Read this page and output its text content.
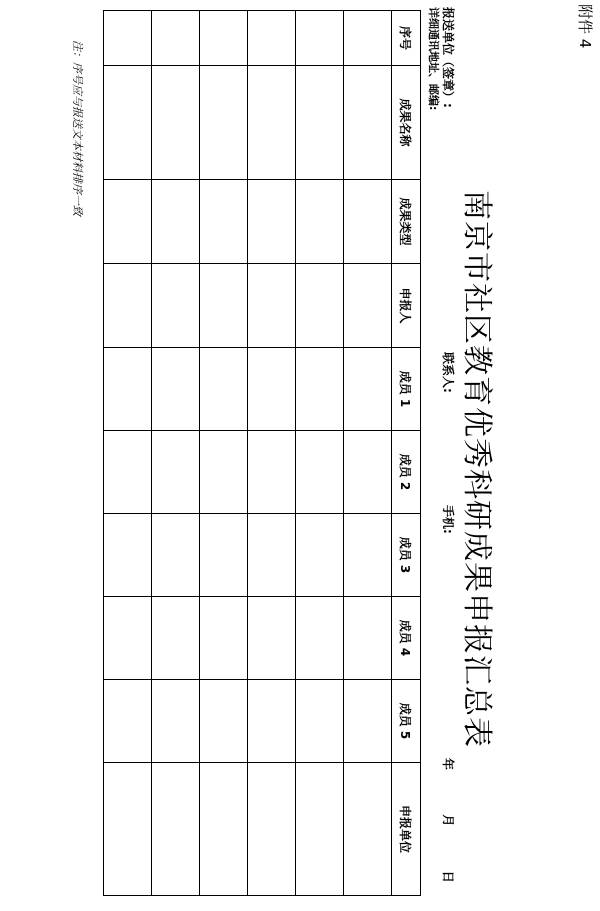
附件 4
南京市社区教育优秀科研成果申报汇总表
报送单位（签章）:
详细通讯地址、邮编:
联系人:
手机:
年  月  日
序号	成果名称	成果类型	申报人	成员 1	成员 2	成员 3	成员 4	成员 5	申报单位

注：序号应与报送文本材料排序一致
